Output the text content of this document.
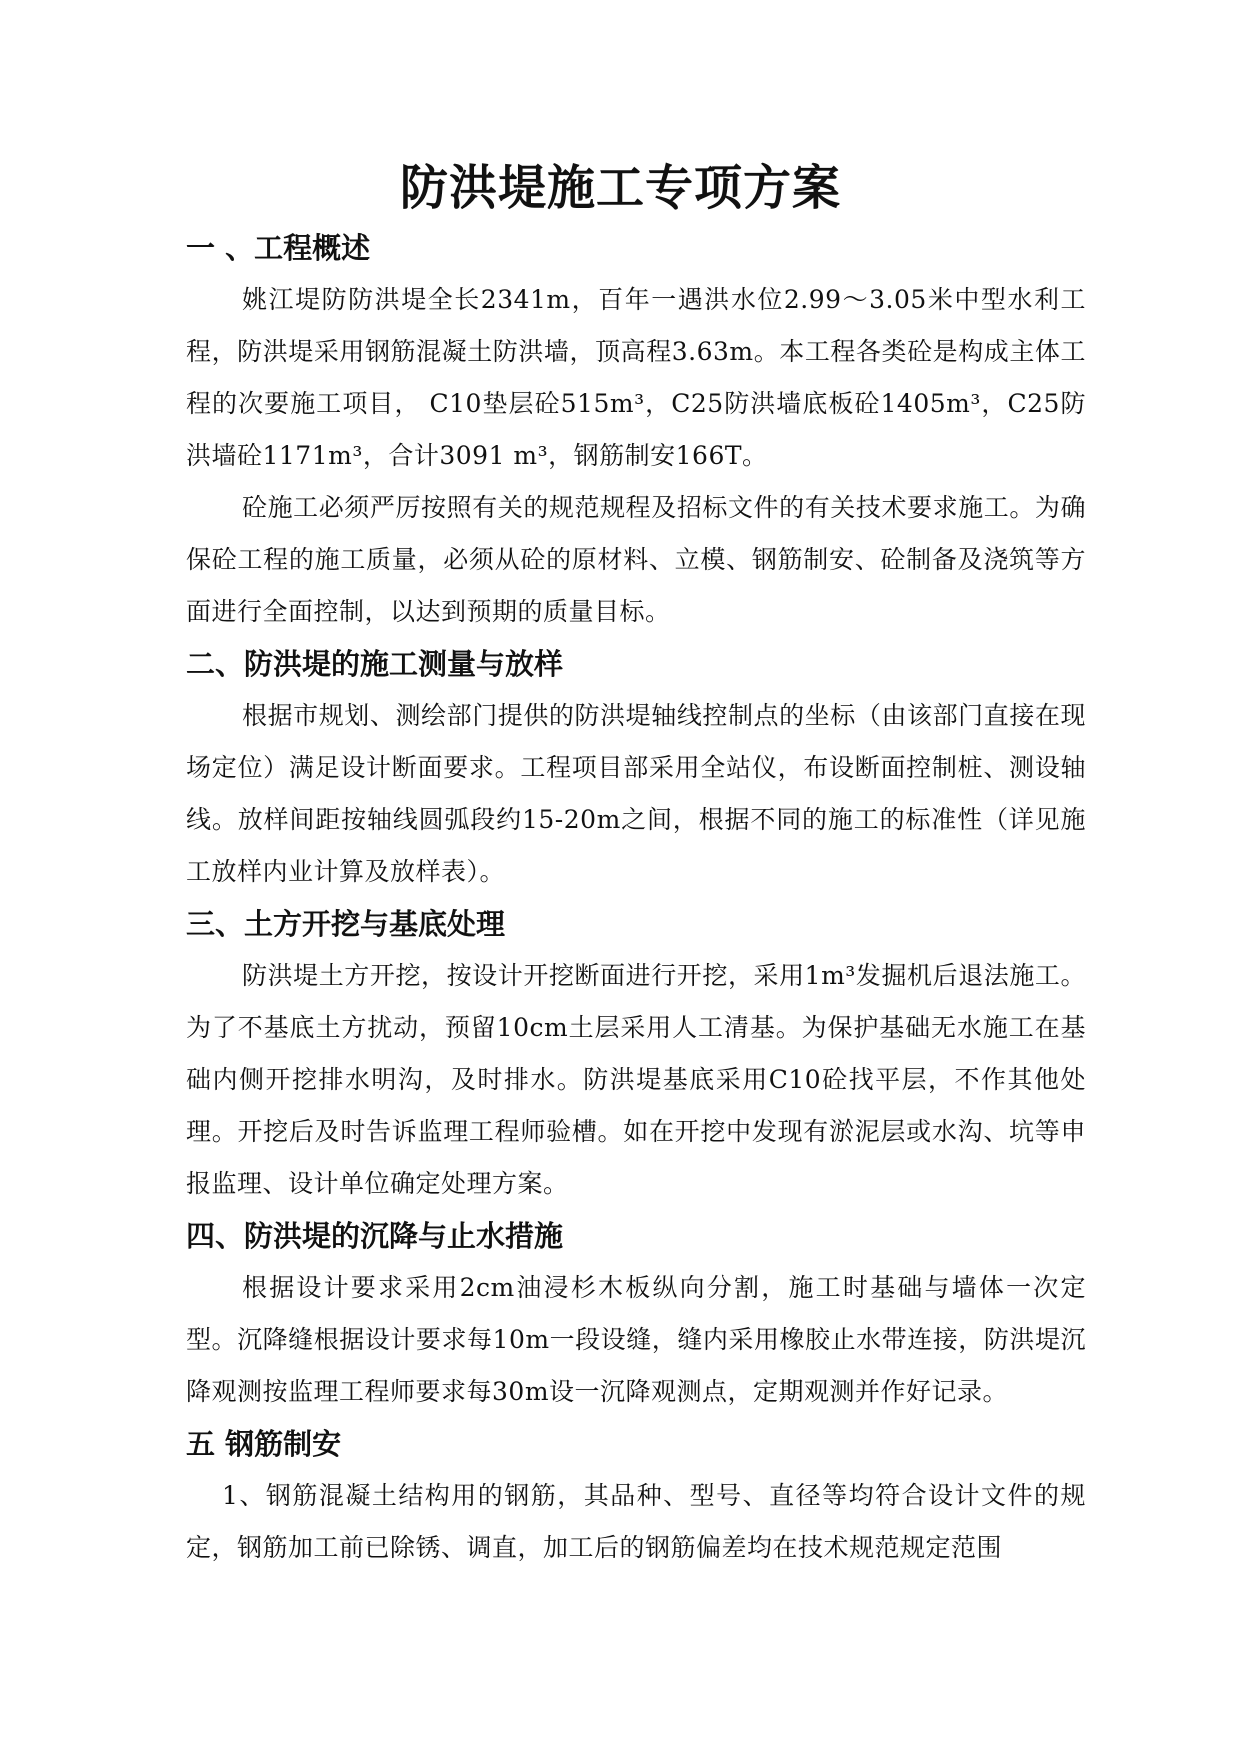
防洪堤施工专项方案
一 、工程概述

姚江堤防防洪堤全长2341m，百年一遇洪水位2.99～3.05米中型水利工程，防洪堤采用钢筋混凝土防洪墙，顶高程3.63m。本工程各类砼是构成主体工程的次要施工项目， C10垫层砼515m³，C25防洪墙底板砼1405m³，C25防洪墙砼1171m³，合计3091 m³，钢筋制安166T。

砼施工必须严厉按照有关的规范规程及招标文件的有关技术要求施工。为确保砼工程的施工质量，必须从砼的原材料、立模、钢筋制安、砼制备及浇筑等方面进行全面控制，以达到预期的质量目标。

二、防洪堤的施工测量与放样

根据市规划、测绘部门提供的防洪堤轴线控制点的坐标（由该部门直接在现场定位）满足设计断面要求。工程项目部采用全站仪，布设断面控制桩、测设轴线。放样间距按轴线圆弧段约15-20m之间，根据不同的施工的标准性（详见施工放样内业计算及放样表）。

三、土方开挖与基底处理

防洪堤土方开挖，按设计开挖断面进行开挖，采用1m³发掘机后退法施工。为了不基底土方扰动，预留10cm土层采用人工清基。为保护基础无水施工在基础内侧开挖排水明沟，及时排水。防洪堤基底采用C10砼找平层，不作其他处理。开挖后及时告诉监理工程师验槽。如在开挖中发现有淤泥层或水沟、坑等申报监理、设计单位确定处理方案。

四、防洪堤的沉降与止水措施

根据设计要求采用2cm油浸杉木板纵向分割，施工时基础与墙体一次定型。沉降缝根据设计要求每10m一段设缝，缝内采用橡胶止水带连接，防洪堤沉降观测按监理工程师要求每30m设一沉降观测点，定期观测并作好记录。

五 钢筋制安

1、钢筋混凝土结构用的钢筋，其品种、型号、直径等均符合设计文件的规定，钢筋加工前已除锈、调直，加工后的钢筋偏差均在技术规范规定范围
